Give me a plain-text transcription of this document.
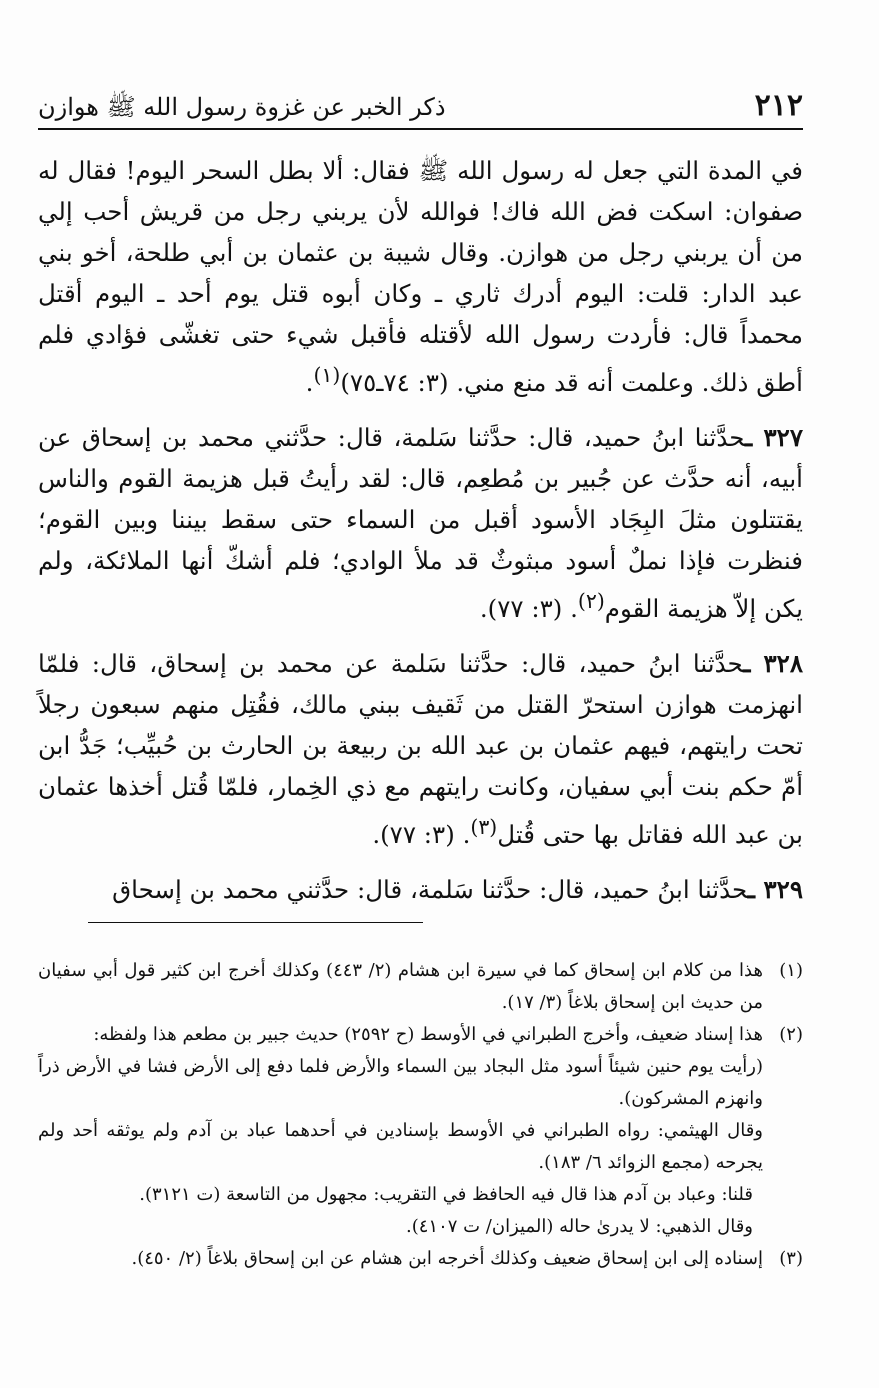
٢١٢
ذكر الخبر عن غزوة رسول الله ﷺ هوازن

في المدة التي جعل له رسول الله ﷺ فقال: ألا بطل السحر اليوم! فقال له صفوان: اسكت فض الله فاك! فوالله لأن يربني رجل من قريش أحب إلي من أن يربني رجل من هوازن. وقال شيبة بن عثمان بن أبي طلحة، أخو بني عبد الدار: قلت: اليوم أدرك ثاري ـ وكان أبوه قتل يوم أحد ـ اليوم أقتل محمداً قال: فأردت رسول الله لأقتله فأقبل شيء حتى تغشّى فؤادي فلم أطق ذلك. وعلمت أنه قد منع مني. (٣: ٧٤ـ٧٥)$^{(١)}$.

٣٢٧ ـحدَّثنا ابنُ حميد، قال: حدَّثنا سَلمة، قال: حدَّثني محمد بن إسحاق عن أبيه، أنه حدَّث عن جُبير بن مُطعِم، قال: لقد رأيتُ قبل هزيمة القوم والناس يقتتلون مثلَ البِجَاد الأسود أقبل من السماء حتى سقط بيننا وبين القوم؛ فنظرت فإذا نملٌ أسود مبثوثٌ قد ملأ الوادي؛ فلم أشكّ أنها الملائكة، ولم يكن إلاّ هزيمة القوم$^{(٢)}$. (٣: ٧٧).

٣٢٨ ـحدَّثنا ابنُ حميد، قال: حدَّثنا سَلمة عن محمد بن إسحاق، قال: فلمّا انهزمت هوازن استحرّ القتل من ثَقيف ببني مالك، فقُتِل منهم سبعون رجلاً تحت رايتهم، فيهم عثمان بن عبد الله بن ربيعة بن الحارث بن حُبيِّب؛ جَدُّ ابن أمّ حكم بنت أبي سفيان، وكانت رايتهم مع ذي الخِمار، فلمّا قُتل أخذها عثمان بن عبد الله فقاتل بها حتى قُتل$^{(٣)}$. (٣: ٧٧).

٣٢٩ ـحدَّثنا ابنُ حميد، قال: حدَّثنا سَلمة، قال: حدَّثني محمد بن إسحاق

(١)

هذا من كلام ابن إسحاق كما في سيرة ابن هشام (٢/ ٤٤٣) وكذلك أخرج ابن كثير قول أبي سفيان من حديث ابن إسحاق بلاغاً (٣/ ١٧).

(٢)

هذا إسناد ضعيف، وأخرج الطبراني في الأوسط (ح ٢٥٩٢) حديث جبير بن مطعم هذا ولفظه:

(رأيت يوم حنين شيئاً أسود مثل البجاد بين السماء والأرض فلما دفع إلى الأرض فشا في الأرض ذراً وانهزم المشركون).

وقال الهيثمي: رواه الطبراني في الأوسط بإسنادين في أحدهما عباد بن آدم ولم يوثقه أحد ولم يجرحه (مجمع الزوائد ٦/ ١٨٣).

قلنا: وعباد بن آدم هذا قال فيه الحافظ في التقريب: مجهول من التاسعة (ت ٣١٢١).

وقال الذهبي: لا يدرىٰ حاله (الميزان/ ت ٤١٠٧).

(٣)

إسناده إلى ابن إسحاق ضعيف وكذلك أخرجه ابن هشام عن ابن إسحاق بلاغاً (٢/ ٤٥٠).
